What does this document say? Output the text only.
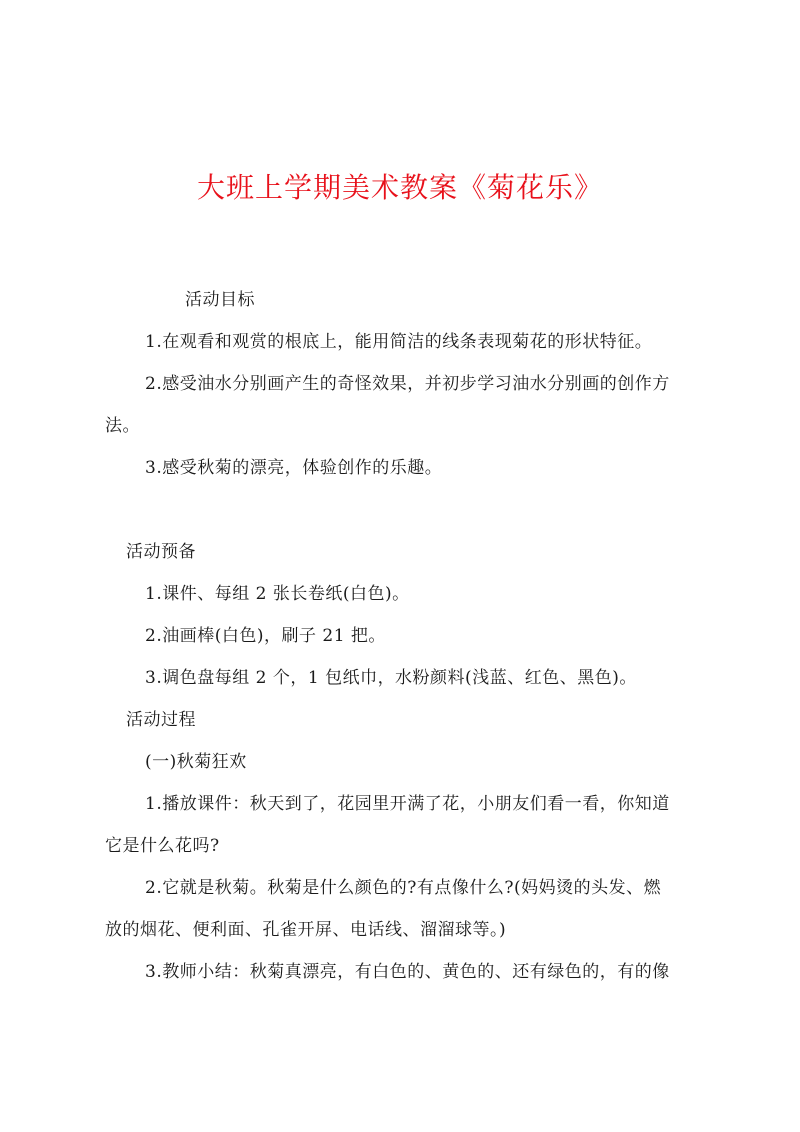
大班上学期美术教案《菊花乐》
活动目标
1.在观看和观赏的根底上，能用简洁的线条表现菊花的形状特征。
2.感受油水分别画产生的奇怪效果，并初步学习油水分别画的创作方
法。
3.感受秋菊的漂亮，体验创作的乐趣。
活动预备
1.课件、每组 2 张长卷纸(白色)。
2.油画棒(白色)，刷子 21 把。
3.调色盘每组 2 个，1 包纸巾，水粉颜料(浅蓝、红色、黑色)。
活动过程
(一)秋菊狂欢
1.播放课件：秋天到了，花园里开满了花，小朋友们看一看，你知道
它是什么花吗?
2.它就是秋菊。秋菊是什么颜色的?有点像什么?(妈妈烫的头发、燃
放的烟花、便利面、孔雀开屏、电话线、溜溜球等。)
3.教师小结：秋菊真漂亮，有白色的、黄色的、还有绿色的，有的像
